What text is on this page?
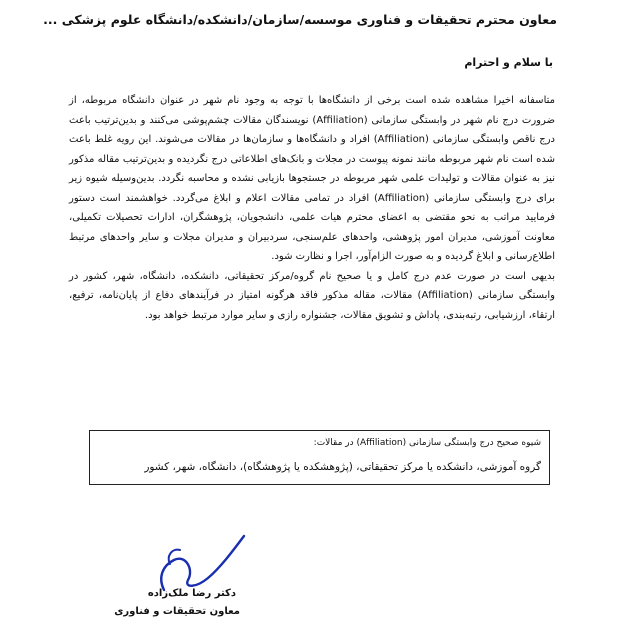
معاون محترم تحقیقات و فناوری موسسه/سازمان/دانشکده/دانشگاه علوم پزشکی ...
با سلام و احترام

متاسفانه اخیرا مشاهده شده است برخی از دانشگاه‌ها با توجه به وجود نام شهر در عنوان دانشگاه مربوطه، از ضرورت درج نام شهر در وابستگی سازمانی (Affiliation) نویسندگان مقالات چشم‌پوشی می‌کنند و بدین‌ترتیب باعث درج ناقص وابستگی سازمانی (Affiliation) افراد و دانشگاه‌ها و سازمان‌ها در مقالات می‌شوند. این رویه غلط باعث شده است نام شهر مربوطه مانند نمونه پیوست در مجلات و بانک‌های اطلاعاتی درج نگردیده و بدین‌ترتیب مقاله مذکور نیز به عنوان مقالات و تولیدات علمی شهر مربوطه در جستجوها بازیابی نشده و محاسبه نگردد. بدین‌وسیله شیوه زیر برای درج وابستگی سازمانی (Affiliation) افراد در تمامی مقالات اعلام و ابلاغ می‌گردد. خواهشمند است دستور فرمایید مراتب به نحو مقتضی به اعضای محترم هیات علمی، دانشجویان، پژوهشگران، ادارات تحصیلات تکمیلی، معاونت آموزشی، مدیران امور پژوهشی، واحدهای علم‌سنجی، سردبیران و مدیران مجلات و سایر واحدهای مرتبط اطلاع‌رسانی و ابلاغ گردیده و به صورت الزام‌آور، اجرا و نظارت شود.

بدیهی است در صورت عدم درج کامل و یا صحیح نام گروه/مرکز تحقیقاتی، دانشکده، دانشگاه، شهر، کشور در وابستگی سازمانی (Affiliation) مقالات، مقاله مذکور فاقد هرگونه امتیاز در فرآیندهای دفاع از پایان‌نامه، ترفیع، ارتقاء، ارزشیابی، رتبه‌بندی، پاداش و تشویق مقالات، جشنواره رازی و سایر موارد مرتبط خواهد بود.

شیوه صحیح درج وابستگی سازمانی (Affiliation) در مقالات:
گروه آموزشی، دانشکده یا مرکز تحقیقاتی، (پژوهشکده یا پژوهشگاه)، دانشگاه، شهر، کشور
دکتر رضا ملک‌زاده
معاون تحقیقات و فناوری
